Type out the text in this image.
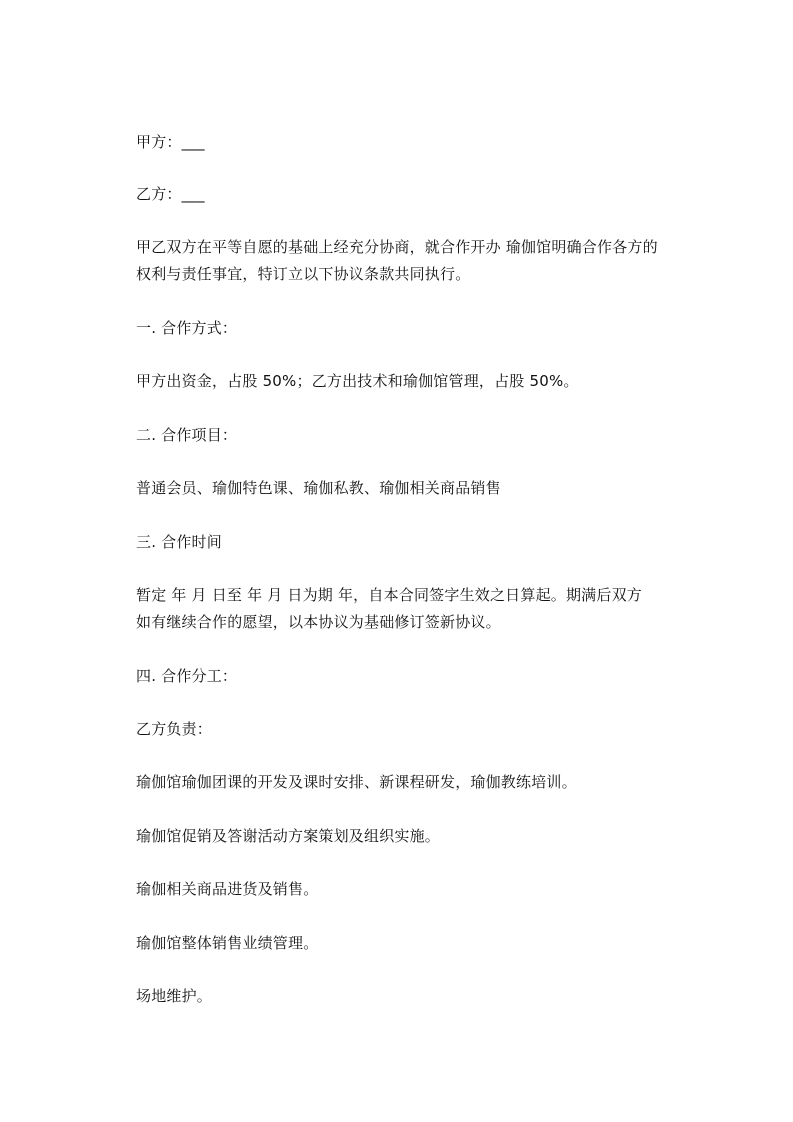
甲方：___
乙方：___
甲乙双方在平等自愿的基础上经充分协商，就合作开办 瑜伽馆明确合作各方的
权利与责任事宜，特订立以下协议条款共同执行。
一. 合作方式：
甲方出资金，占股 50%；乙方出技术和瑜伽馆管理，占股 50%。
二. 合作项目：
普通会员、瑜伽特色课、瑜伽私教、瑜伽相关商品销售
三. 合作时间
暂定 年 月 日至 年 月 日为期 年，自本合同签字生效之日算起。期满后双方
如有继续合作的愿望，以本协议为基础修订签新协议。
四. 合作分工：
乙方负责：
瑜伽馆瑜伽团课的开发及课时安排、新课程研发，瑜伽教练培训。
瑜伽馆促销及答谢活动方案策划及组织实施。
瑜伽相关商品进货及销售。
瑜伽馆整体销售业绩管理。
场地维护。
